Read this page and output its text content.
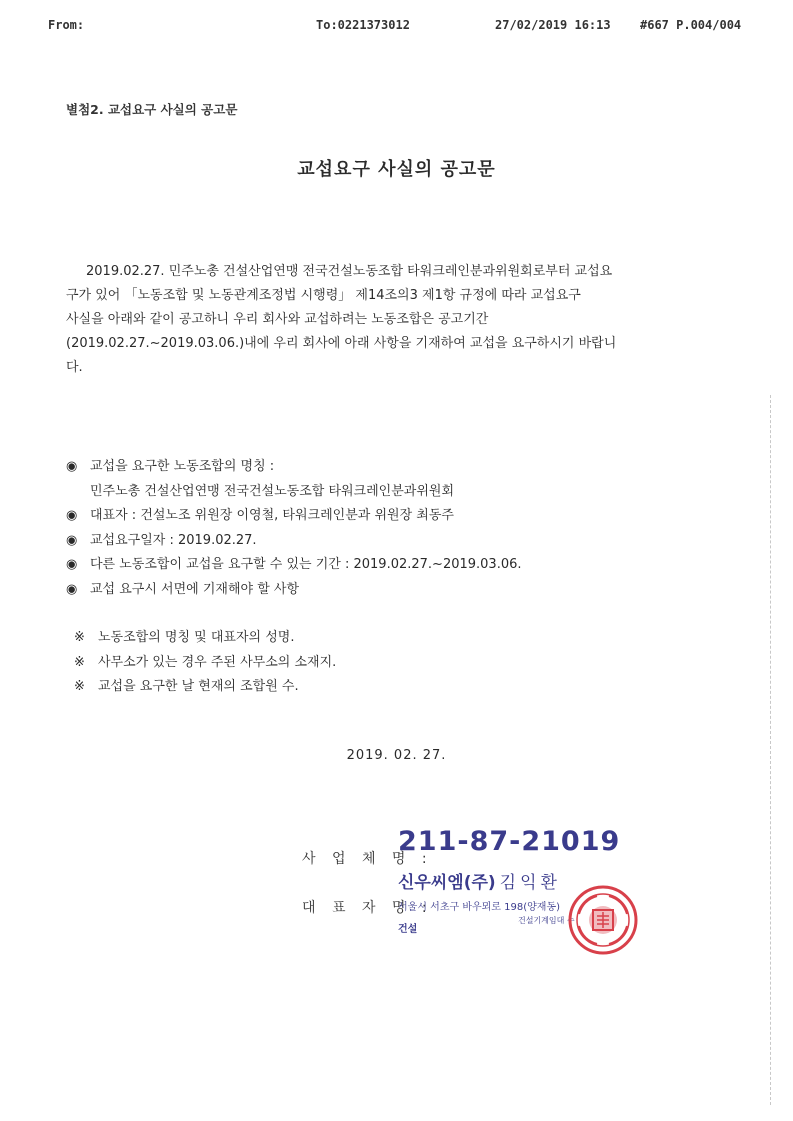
From:	To:0221373012	27/02/2019 16:13 #667 P.004/004
별첨2. 교섭요구 사실의 공고문
교섭요구 사실의 공고문
2019.02.27. 민주노총 건설산업연맹 전국건설노동조합 타워크레인분과위원회로부터 교섭요
구가 있어 「노동조합 및 노동관계조정법 시행령」 제14조의3 제1항 규정에 따라 교섭요구
사실을 아래와 같이 공고하니 우리 회사와 교섭하려는 노동조합은 공고기간
(2019.02.27.~2019.03.06.)내에 우리 회사에 아래 사항을 기재하여 교섭을 요구하시기 바랍니
다.
◉ 교섭을 요구한 노동조합의 명칭 :
민주노총 건설산업연맹 전국건설노동조합 타워크레인분과위원회
◉ 대표자 : 건설노조 위원장 이영철, 타워크레인분과 위원장 최동주
◉ 교섭요구일자 : 2019.02.27.
◉ 다른 노동조합이 교섭을 요구할 수 있는 기간 : 2019.02.27.~2019.03.06.
◉ 교섭 요구시 서면에 기재해야 할 사항
※ 노동조합의 명칭 및 대표자의 성명.
※ 사무소가 있는 경우 주된 사무소의 소재지.
※ 교섭을 요구한 날 현재의 조합원 수.
2019. 02. 27.
사 업 체 명 :
대 표 자 명 :
211-87-21019
신우씨엠(주) 김익환
서울시 서초구 바우뫼로 198(양재동)
건설
건설기계임대 수
